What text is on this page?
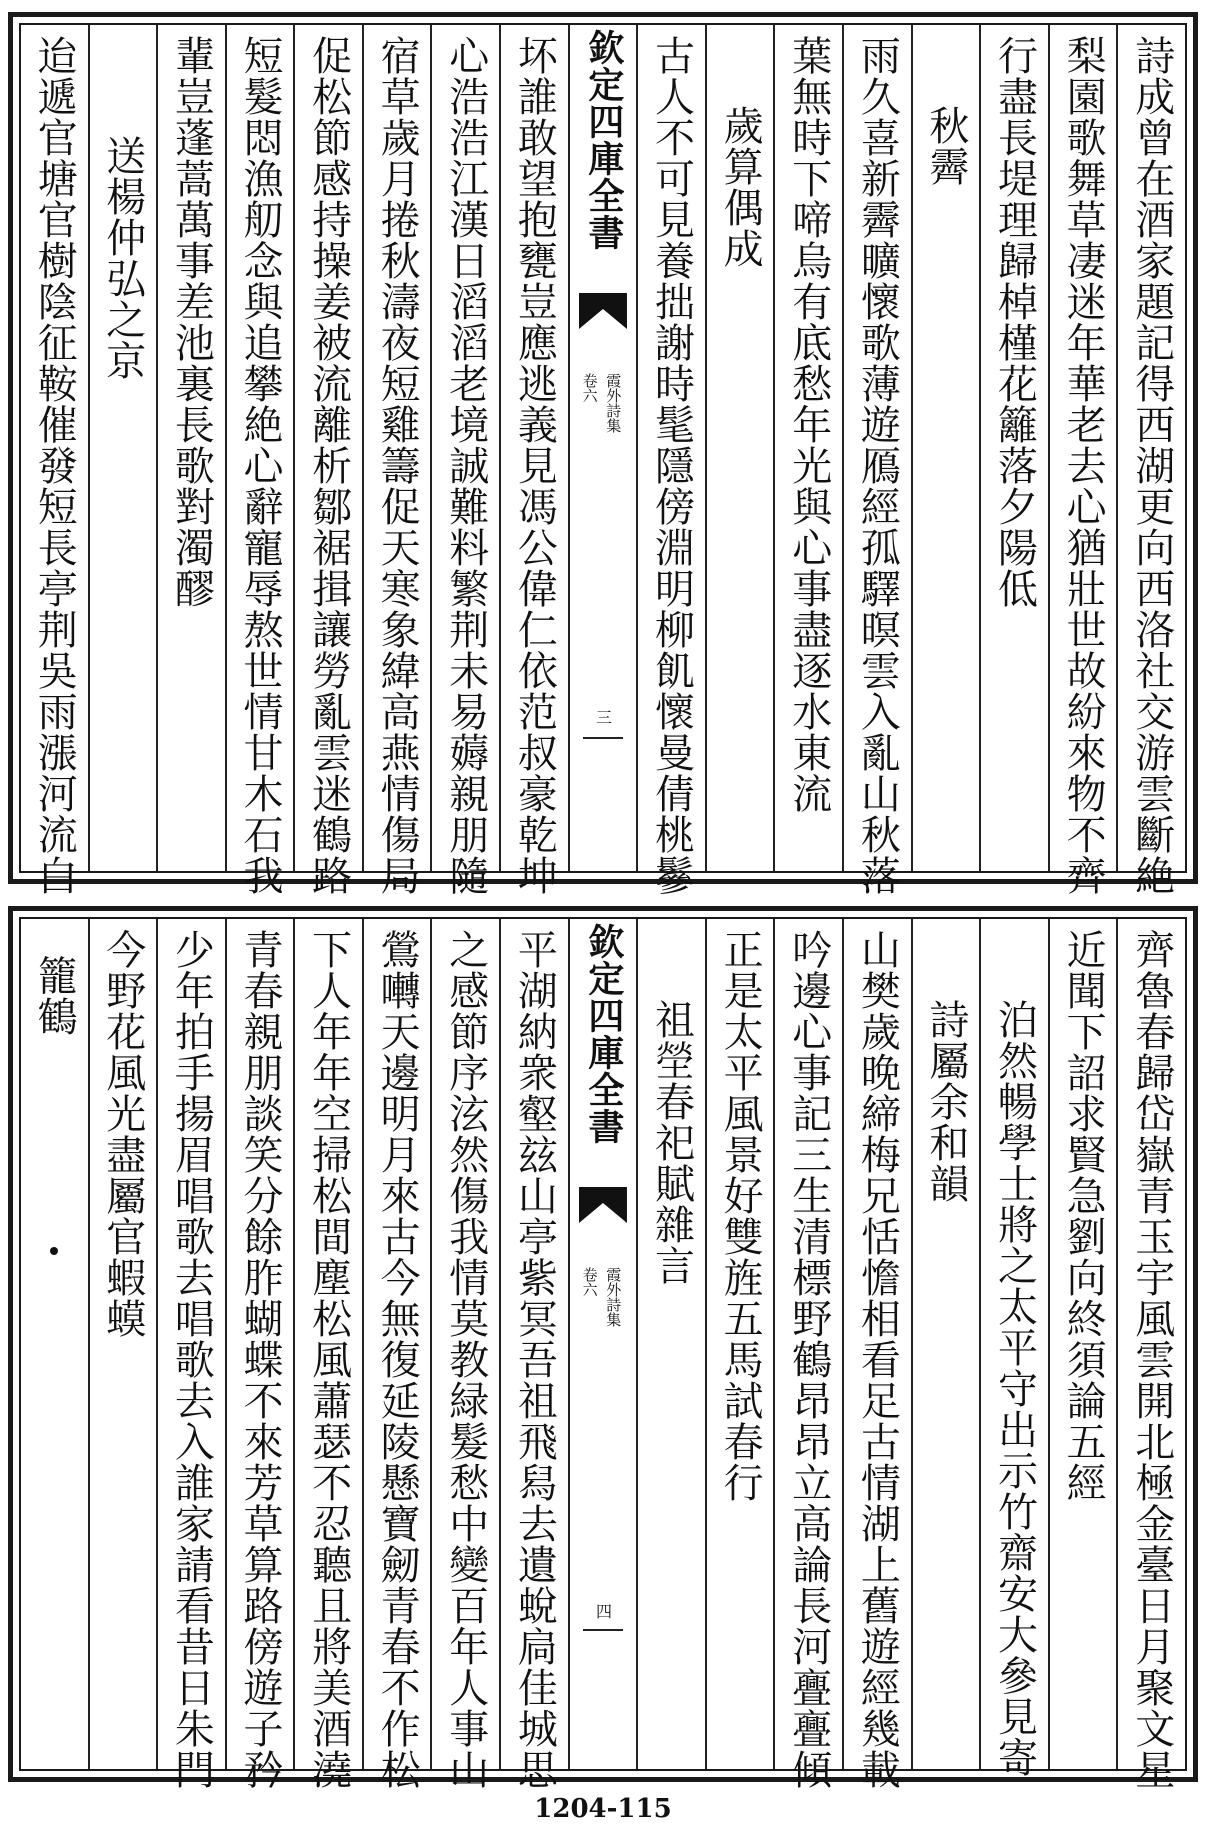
詩成曾在酒家題記得西湖更向西洛社交游雲斷絶
梨園歌舞草凄迷年華老去心猶壯世故紛來物不齊
行盡長堤理歸棹槿花籬落夕陽低
秋霽
雨久喜新霽曠懷歌薄遊鴈經孤驛暝雲入亂山秋落
葉無時下啼烏有底愁年光與心事盡逐水東流
歲算偶成
古人不可見養拙謝時髦隱傍淵明柳飢懷曼倩桃鬖
欽定四庫全書
霞外詩集
卷六
三
坏誰敢望抱甕豈應逃義見馮公偉仁依范叔豪乾坤
心浩浩江漢日滔滔老境誠難料繁荆未易薅親朋隨
宿草歲月捲秋濤夜短雞籌促天寒象緯高燕情傷局
促松節感持操姜被流離析鄒裾揖讓勞亂雲迷鶴路
短髮悶漁舠念與追攀絶心辭寵辱熬世情甘木石我
輩豈蓬蒿萬事差池裏長歌對濁醪
送楊仲弘之京
迨遞官塘官樹陰征鞍催發短長亭荆吳雨漲河流白
齊魯春歸岱嶽青玉宇風雲開北極金臺日月聚文星
近聞下詔求賢急劉向終須論五經
泊然暢學士將之太平守出示竹齋安大參見寄
詩屬余和韻
山樊歲晚締梅兄恬憺相看足古情湖上舊遊經幾載
吟邊心事記三生清標野鶴昂昂立高論長河亹亹傾
正是太平風景好雙旌五馬試春行
祖塋春祀賦雜言
欽定四庫全書
霞外詩集
卷六
四
平湖納衆壑玆山亭紫冥吾祖飛舄去遺蛻扃佳城思
之感節序泫然傷我情莫教緑髮愁中變百年人事山
鶯囀天邊明月來古今無復延陵懸寶劒青春不作松
下人年年空掃松間塵松風蕭瑟不忍聽且將美酒澆
青春親朋談笑分餘胙蝴蝶不來芳草算路傍遊子矜
少年拍手揚眉唱歌去唱歌去入誰家請看昔日朱門
今野花風光盡屬官蝦蟆
籠鶴
1204-115
